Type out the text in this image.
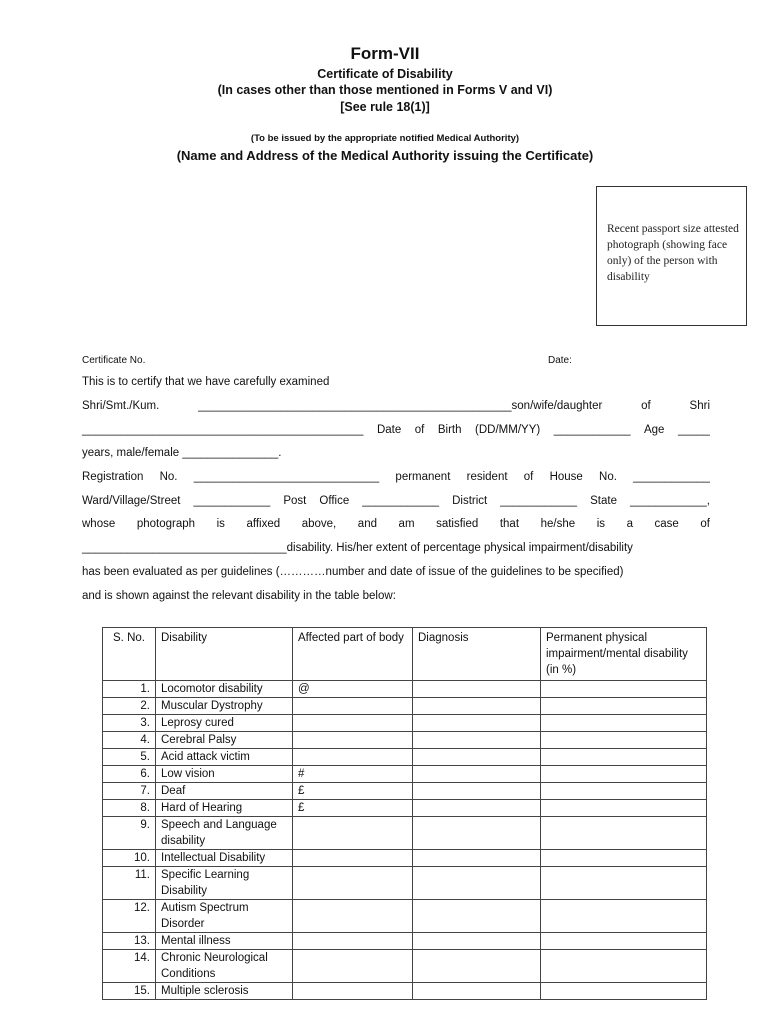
Form-VII
Certificate of Disability
(In cases other than those mentioned in Forms V and VI)
[See rule 18(1)]
(To be issued by the appropriate notified Medical Authority)
(Name and Address of the Medical Authority issuing the Certificate)
Recent passport size attested photograph (showing face only) of the person with disability
Certificate No.	Date:
This is to certify that we have carefully examined
Shri/Smt./Kum.	_________________________________________________son/wife/daughter	of	Shri
____________________________________________ Date of Birth (DD/MM/YY) ____________ Age _____
years, male/female _______________.
Registration No. _____________________________ permanent resident of House No. ____________
Ward/Village/Street ____________ Post Office ____________ District ____________ State ____________,
whose photograph is affixed above, and am satisfied that he/she is a case of
________________________________disability. His/her extent of percentage physical impairment/disability
has been evaluated as per guidelines (…………number and date of issue of the guidelines to be specified)
and is shown against the relevant disability in the table below:
S. No.	Disability	Affected part of body	Diagnosis	Permanent physical impairment/mental disability (in %)
1.	Locomotor disability	@		
2.	Muscular Dystrophy			
3.	Leprosy cured			
4.	Cerebral Palsy			
5.	Acid attack victim			
6.	Low vision	#		
7.	Deaf	£		
8.	Hard of Hearing	£		
9.	Speech and Language disability			
10.	Intellectual Disability			
11.	Specific Learning Disability			
12.	Autism Spectrum Disorder			
13.	Mental illness			
14.	Chronic Neurological Conditions			
15.	Multiple sclerosis			
